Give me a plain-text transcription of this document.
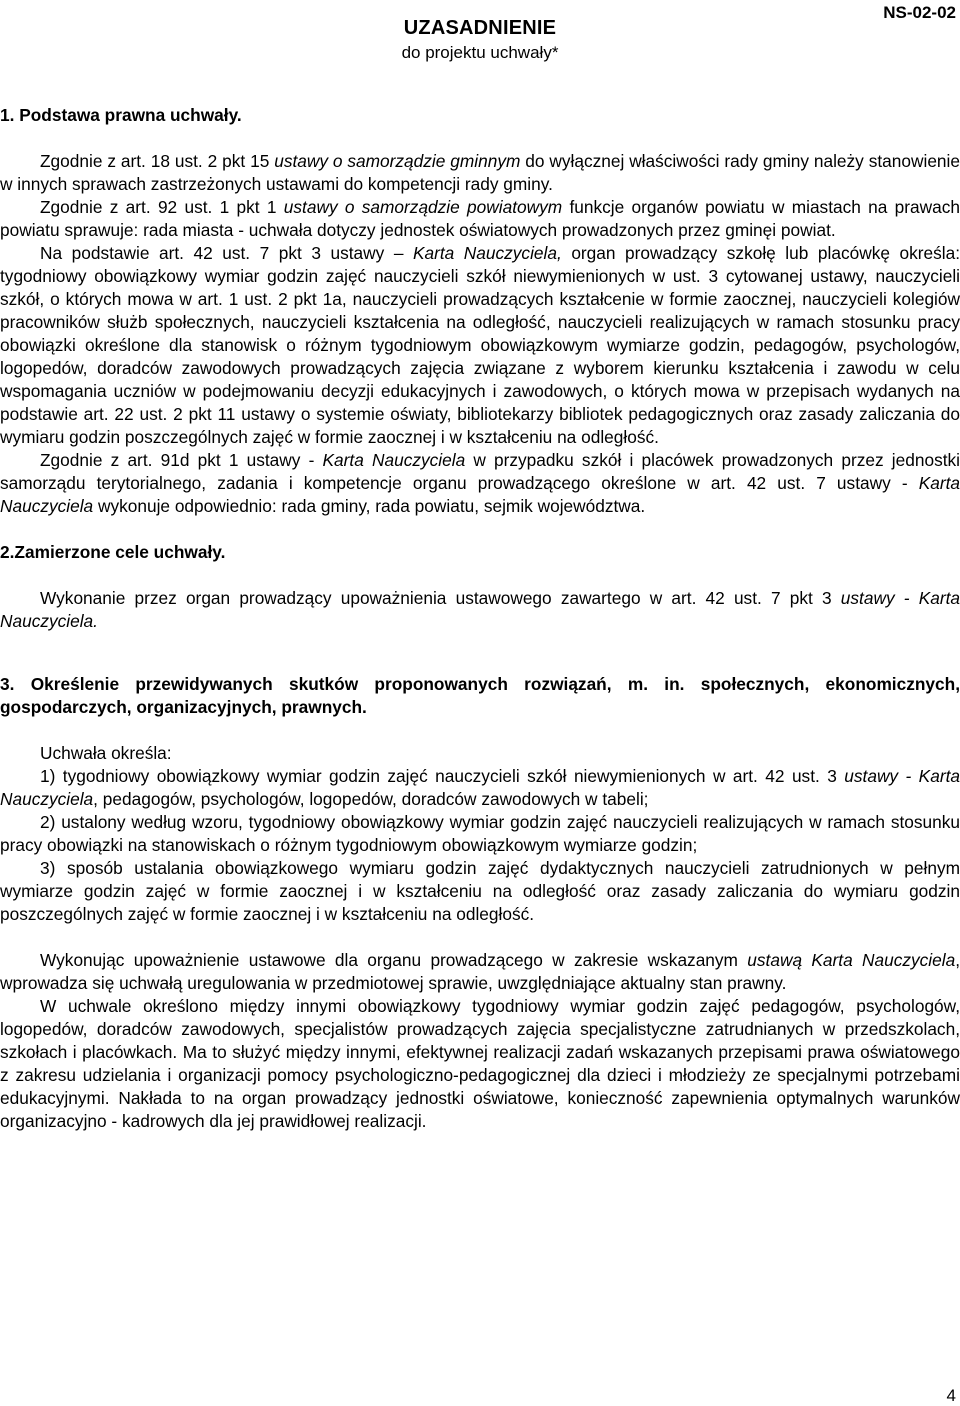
NS-02-02
UZASADNIENIE
do projektu uchwały*

1. Podstawa prawna uchwały.

Zgodnie z art. 18 ust. 2 pkt 15 ustawy o samorządzie gminnym do wyłącznej właściwości rady gminy należy stanowienie w innych sprawach zastrzeżonych ustawami do kompetencji rady gminy.

Zgodnie z art. 92 ust. 1 pkt 1 ustawy o samorządzie powiatowym funkcje organów powiatu w miastach na prawach powiatu sprawuje: rada miasta - uchwała dotyczy jednostek oświatowych prowadzonych przez gminęi powiat.

Na podstawie art. 42 ust. 7 pkt 3 ustawy – Karta Nauczyciela, organ prowadzący szkołę lub placówkę określa: tygodniowy obowiązkowy wymiar godzin zajęć nauczycieli szkół niewymienionych w ust. 3 cytowanej ustawy, nauczycieli szkół, o których mowa w art. 1 ust. 2 pkt 1a, nauczycieli prowadzących kształcenie w formie zaocznej, nauczycieli kolegiów pracowników służb społecznych, nauczycieli kształcenia na odległość, nauczycieli realizujących w ramach stosunku pracy obowiązki określone dla stanowisk o różnym tygodniowym obowiązkowym wymiarze godzin, pedagogów, psychologów, logopedów, doradców zawodowych prowadzących zajęcia związane z wyborem kierunku kształcenia i zawodu w celu wspomagania uczniów w podejmowaniu decyzji edukacyjnych i zawodowych, o których mowa w przepisach wydanych na podstawie art. 22 ust. 2 pkt 11 ustawy o systemie oświaty, bibliotekarzy bibliotek pedagogicznych oraz zasady zaliczania do wymiaru godzin poszczególnych zajęć w formie zaocznej i w kształceniu na odległość.

Zgodnie z art. 91d pkt 1 ustawy - Karta Nauczyciela w przypadku szkół i placówek prowadzonych przez jednostki samorządu terytorialnego, zadania i kompetencje organu prowadzącego określone w art. 42 ust. 7 ustawy - Karta Nauczyciela wykonuje odpowiednio: rada gminy, rada powiatu, sejmik województwa.

2.Zamierzone cele uchwały.

Wykonanie przez organ prowadzący upoważnienia ustawowego zawartego w art. 42 ust. 7 pkt 3 ustawy - Karta Nauczyciela.

3. Określenie przewidywanych skutków proponowanych rozwiązań, m. in. społecznych, ekonomicznych, gospodarczych, organizacyjnych, prawnych.

Uchwała określa:

1) tygodniowy obowiązkowy wymiar godzin zajęć nauczycieli szkół niewymienionych w art. 42 ust. 3 ustawy - Karta Nauczyciela, pedagogów, psychologów, logopedów, doradców zawodowych w tabeli;

2) ustalony według wzoru, tygodniowy obowiązkowy wymiar godzin zajęć nauczycieli realizujących w ramach stosunku pracy obowiązki na stanowiskach o różnym tygodniowym obowiązkowym wymiarze godzin;

3) sposób ustalania obowiązkowego wymiaru godzin zajęć dydaktycznych nauczycieli zatrudnionych w pełnym wymiarze godzin zajęć w formie zaocznej i w kształceniu na odległość oraz zasady zaliczania do wymiaru godzin poszczególnych zajęć w formie zaocznej i w kształceniu na odległość.

Wykonując upoważnienie ustawowe dla organu prowadzącego w zakresie wskazanym ustawą Karta Nauczyciela, wprowadza się uchwałą uregulowania w przedmiotowej sprawie, uwzględniające aktualny stan prawny.

W uchwale określono między innymi obowiązkowy tygodniowy wymiar godzin zajęć pedagogów, psychologów, logopedów, doradców zawodowych, specjalistów prowadzących zajęcia specjalistyczne zatrudnianych w przedszkolach, szkołach i placówkach. Ma to służyć między innymi, efektywnej realizacji zadań wskazanych przepisami prawa oświatowego z zakresu udzielania i organizacji pomocy psychologiczno-pedagogicznej dla dzieci i młodzieży ze specjalnymi potrzebami edukacyjnymi. Nakłada to na organ prowadzący jednostki oświatowe, konieczność zapewnienia optymalnych warunków organizacyjno - kadrowych dla jej prawidłowej realizacji.

4
